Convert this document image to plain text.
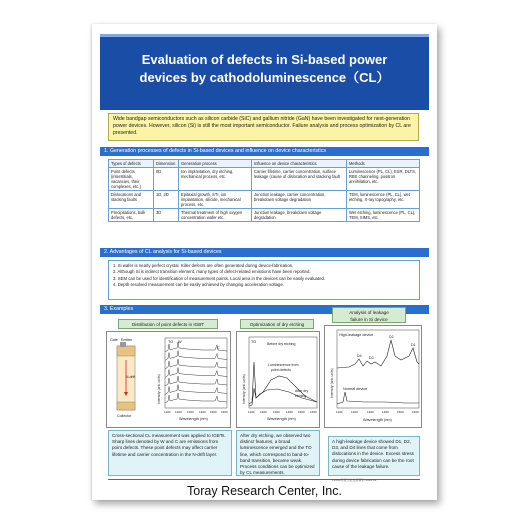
Evaluation of defects in Si-based power
devices by cathodoluminescence（CL）
Wide bandgap semiconductors such as silicon carbide (SiC) and gallium nitride (GaN) have been investigated for next-generation power devices. However, silicon (Si) is still the most important semiconductor. Failure analysis and process optimization by CL are presented.
1. Generation processes of defects in Si-based devices and influence on device characteristics
Types of defects	Dimension	Generation process	Influence on device characteristics	Methods
Point defects (interstitials, vacancies, their complexes, etc.)	0D	Ion implantation, dry etching, mechanical process, etc.	Carrier lifetime, carrier concentration, surface leakage (cause of dislocation and stacking fault	Luminescence (PL, CL), ESR, DLTS, RBS channeling, positron annihilation, etc.
Dislocations and stacking faults	1D, 2D	Epitaxial growth, STI, ion implantation, silicide, mechanical process, etc.	Junction leakage, carrier concentration, breakdown voltage degradation	TEM, luminescence (PL, CL), wet etching, X-ray topography, etc.
Precipitations, bulk defects, etc.	3D	Thermal treatment of high oxygen concentration wafer etc.	Junction leakage, breakdown voltage degradation	Wet etching, luminescence (PL, CL), TEM, SIMS, etc.
2. Advantages of CL analysis for Si-based devices
1. Si wafer is nearly perfect crystal. Killer defects are often generated during device-fabrication.
2. Although Si is indirect transition element, many types of defect-related emissions have been reported.
3. SEM can be used for identification of measurement points. Local area in the devices can be easily evaluated.
4. Depth-resolved measurement can be easily achieved by changing acceleration voltage.
3. Examples
Distribution of point defects in IGBT
Gate Emitter
N-drift
Collector
TO W
C
Intensity (arb. units)
1100 1200 1300 1400 1500 1600
Wavelength (nm)
Cross-sectional CL measurement was applied to IGBTs. Sharp lines denoted by W and C are emissions from point defects. These point defects may affect carrier lifetime and carrier concentration in the N-drift layer.
Optimization of dry etching
TO	Before dry etching
Luminescence from
point defects
After dry
etching
Intensity (arb. units)
1100 1200 1300 1400 1500 1600
Wavelength (nm)
After dry etching, we observed two distinct features, a broad luminescence emerged and the TO line, which correspond to band-to-band transition, became weak. Process conditions can be optimized by CL measurements.
Analysis of leakage
failure in Si device
High-leakage device
Normal device
D2
D1
D4 D3
Intensity (arb. units)
1100	1200	1300	1400	1500	1600
Wavelength (nm)
A high-leakage device showed D1, D2, D3, and D4 lines that come from dislocations in the device. Excess stress during device fabrication can be the root cause of the leakage failure.
P2020年度当社技術資料 2020.09
Toray Research Center, Inc.
